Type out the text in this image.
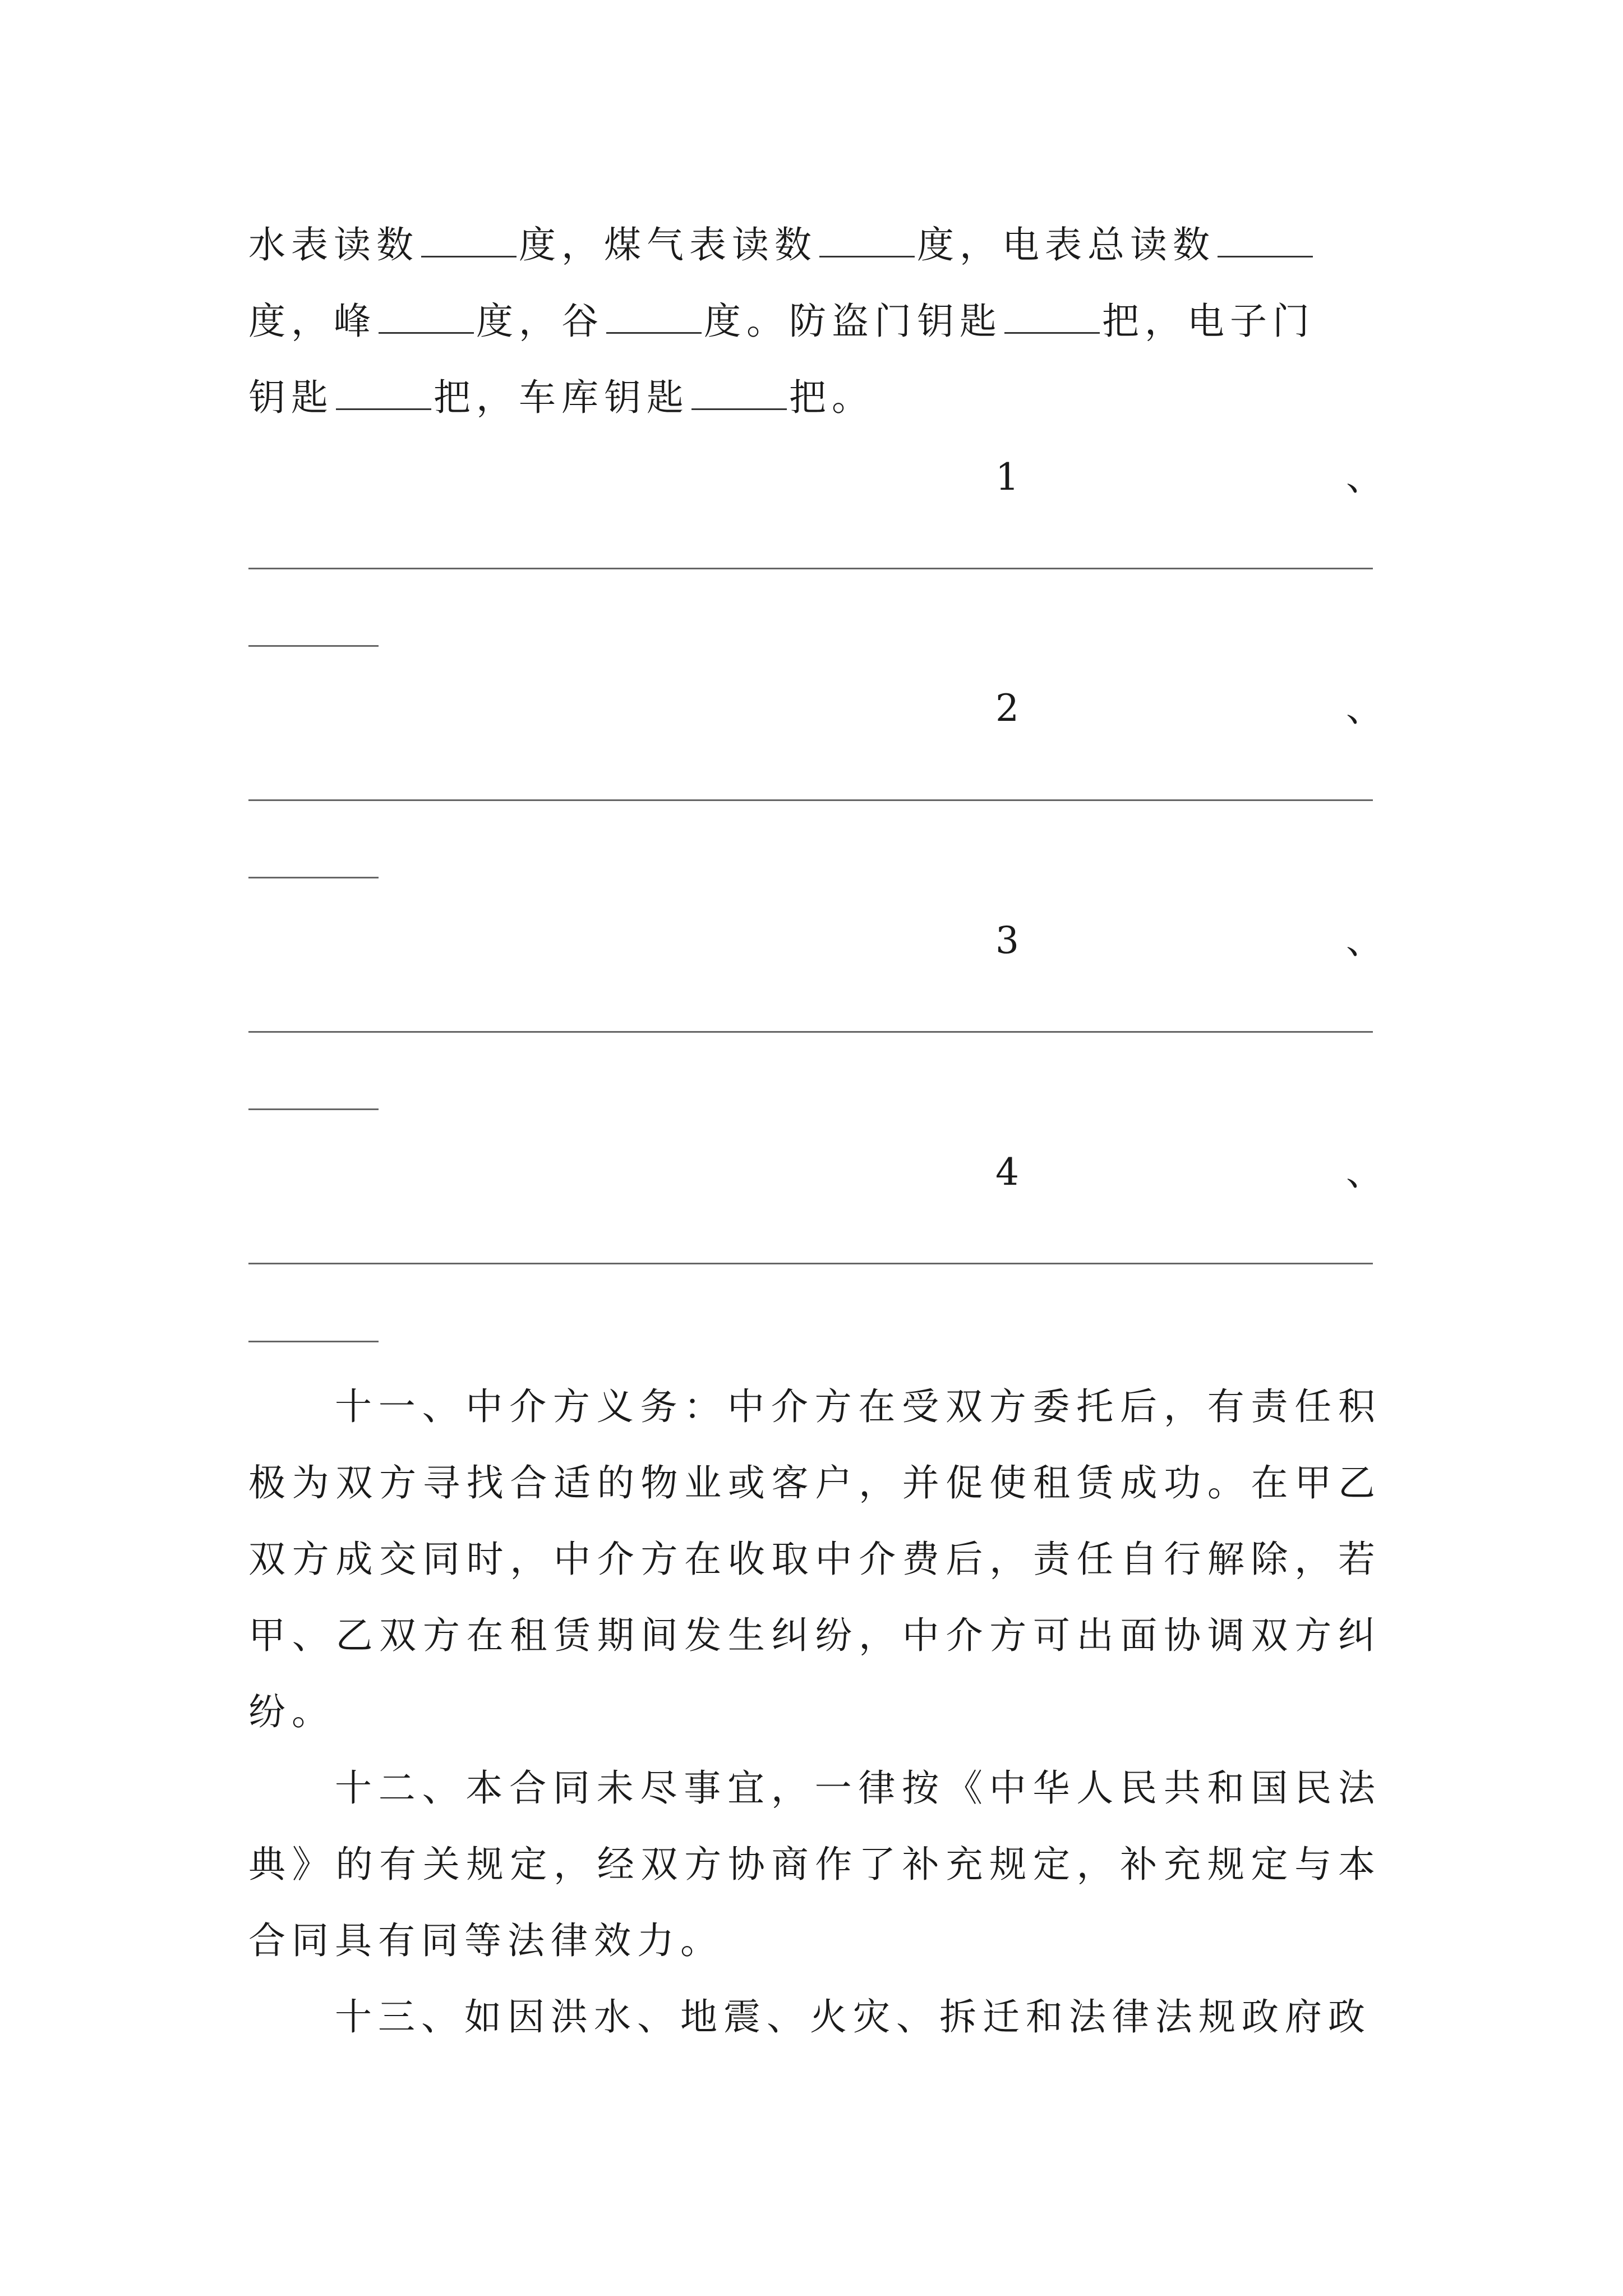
水表读数	度，煤气表读数	度，电表总读数
度，峰	度，谷	度。防盗门钥匙	把，电子门
钥匙	把，车库钥匙	把。
1	、
2	、
3	、
4	、

十一、中介方义务：中介方在受双方委托后，有责任积极为双方寻找合适的物业或客户，并促使租赁成功。在甲乙双方成交同时，中介方在收取中介费后，责任自行解除，若甲、乙双方在租赁期间发生纠纷，中介方可出面协调双方纠纷。

十二、本合同未尽事宜，一律按《中华人民共和国民法典》的有关规定，经双方协商作了补充规定，补充规定与本合同具有同等法律效力。

十三、如因洪水、地震、火灾、拆迁和法律法规政府政
